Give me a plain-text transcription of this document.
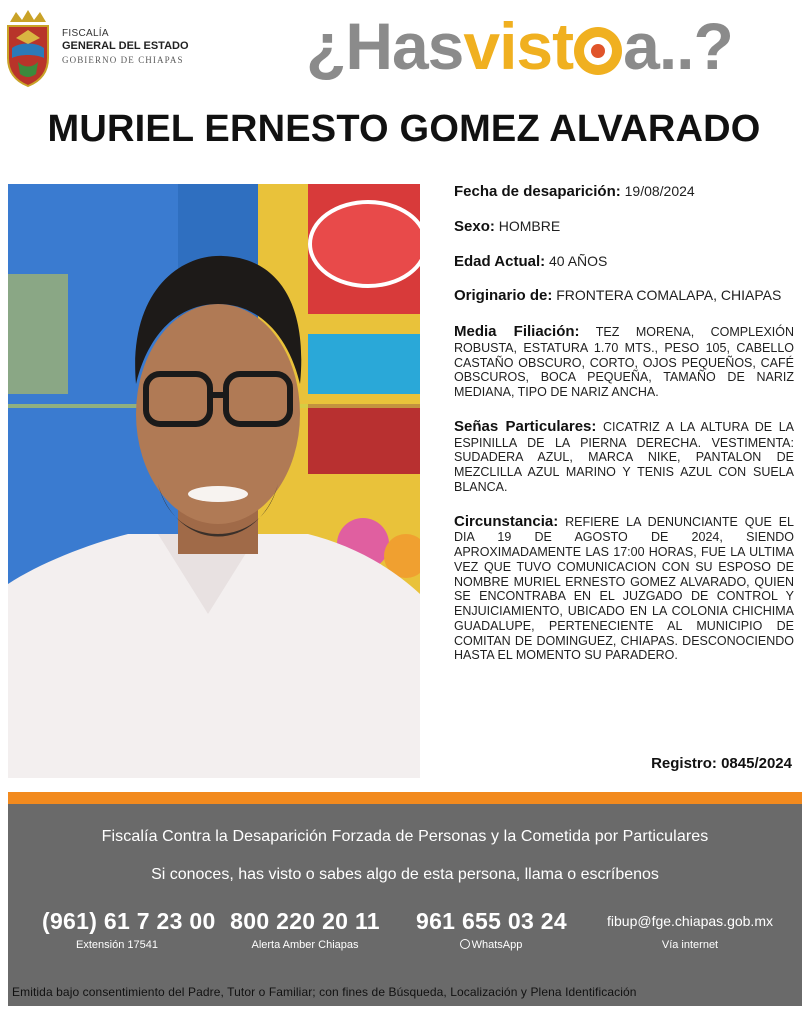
FISCALÍA
GENERAL DEL ESTADO
GOBIERNO DE CHIAPAS ¿Hasvist a..?
MURIEL ERNESTO GOMEZ ALVARADO
Fecha de desaparición: 19/08/2024
Sexo: HOMBRE
Edad Actual: 40 AÑOS
Originario de: FRONTERA COMALAPA, CHIAPAS
Media Filiación: TEZ MORENA, COMPLEXIÓN ROBUSTA, ESTATURA 1.70 MTS., PESO 105, CABELLO CASTAÑO OBSCURO, CORTO, OJOS PEQUEÑOS, CAFÉ OBSCUROS, BOCA PEQUEÑA, TAMAÑO DE NARIZ MEDIANA, TIPO DE NARIZ ANCHA.
Señas Particulares: CICATRIZ A LA ALTURA DE LA ESPINILLA DE LA PIERNA DERECHA. VESTIMENTA: SUDADERA AZUL, MARCA NIKE, PANTALON DE MEZCLILLA AZUL MARINO Y TENIS AZUL CON SUELA BLANCA.
Circunstancia: REFIERE LA DENUNCIANTE QUE EL DIA 19 DE AGOSTO DE 2024, SIENDO APROXIMADAMENTE LAS 17:00 HORAS, FUE LA ULTIMA VEZ QUE TUVO COMUNICACION CON SU ESPOSO DE NOMBRE MURIEL ERNESTO GOMEZ ALVARADO, QUIEN SE ENCONTRABA EN EL JUZGADO DE CONTROL Y ENJUICIAMIENTO, UBICADO EN LA COLONIA CHICHIMA GUADALUPE, PERTENECIENTE AL MUNICIPIO DE COMITAN DE DOMINGUEZ, CHIAPAS. DESCONOCIENDO HASTA EL MOMENTO SU PARADERO.
Registro: 0845/2024
Fiscalía Contra la Desaparición Forzada de Personas y la Cometida por Particulares
Si conoces, has visto o sabes algo de esta persona, llama o escríbenos
(961) 61 7 23 00
Extensión 17541
800 220 20 11
Alerta Amber Chiapas
961 655 03 24
WhatsApp
fibup@fge.chiapas.gob.mx
Vía internet
Emitida bajo consentimiento del Padre, Tutor o Familiar; con fines de Búsqueda, Localización y Plena Identificación
